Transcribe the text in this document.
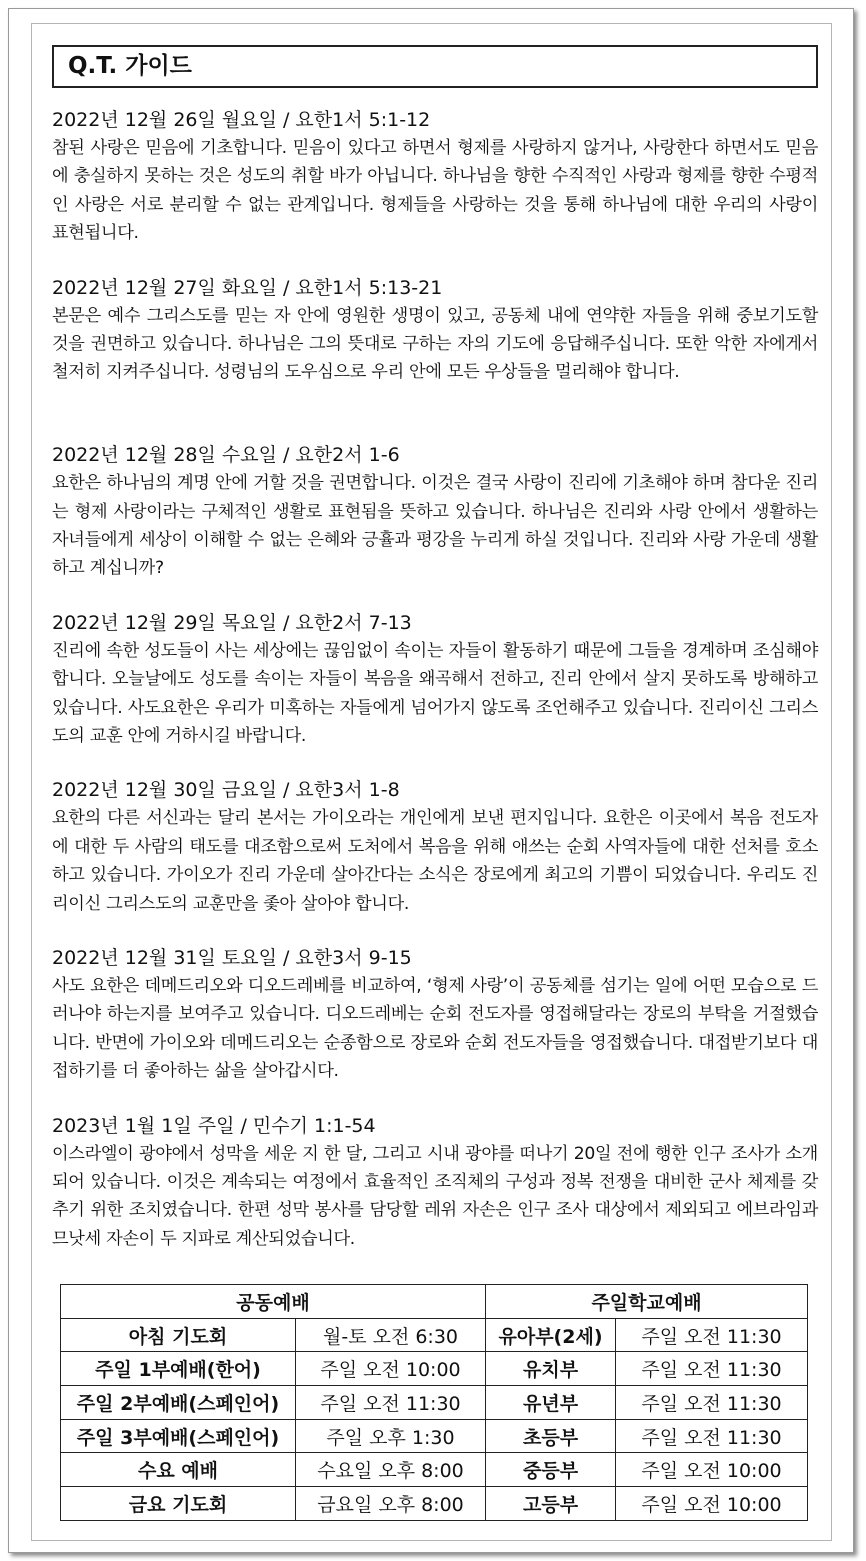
Q.T. 가이드
2022년 12월 26일 월요일 / 요한1서 5:1-12
참된 사랑은 믿음에 기초합니다. 믿음이 있다고 하면서 형제를 사랑하지 않거나, 사랑한다 하면서도 믿음에 충실하지 못하는 것은 성도의 취할 바가 아닙니다. 하나님을 향한 수직적인 사랑과 형제를 향한 수평적인 사랑은 서로 분리할 수 없는 관계입니다. 형제들을 사랑하는 것을 통해 하나님에 대한 우리의 사랑이 표현됩니다.
2022년 12월 27일 화요일 / 요한1서 5:13-21
본문은 예수 그리스도를 믿는 자 안에 영원한 생명이 있고, 공동체 내에 연약한 자들을 위해 중보기도할 것을 권면하고 있습니다. 하나님은 그의 뜻대로 구하는 자의 기도에 응답해주십니다. 또한 악한 자에게서 철저히 지켜주십니다. 성령님의 도우심으로 우리 안에 모든 우상들을 멀리해야 합니다.
2022년 12월 28일 수요일 / 요한2서 1-6
요한은 하나님의 계명 안에 거할 것을 권면합니다. 이것은 결국 사랑이 진리에 기초해야 하며 참다운 진리는 형제 사랑이라는 구체적인 생활로 표현됨을 뜻하고 있습니다. 하나님은 진리와 사랑 안에서 생활하는 자녀들에게 세상이 이해할 수 없는 은혜와 긍휼과 평강을 누리게 하실 것입니다. 진리와 사랑 가운데 생활하고 계십니까?
2022년 12월 29일 목요일 / 요한2서 7-13
진리에 속한 성도들이 사는 세상에는 끊임없이 속이는 자들이 활동하기 때문에 그들을 경계하며 조심해야 합니다. 오늘날에도 성도를 속이는 자들이 복음을 왜곡해서 전하고, 진리 안에서 살지 못하도록 방해하고 있습니다. 사도요한은 우리가 미혹하는 자들에게 넘어가지 않도록 조언해주고 있습니다. 진리이신 그리스도의 교훈 안에 거하시길 바랍니다.
2022년 12월 30일 금요일 / 요한3서 1-8
요한의 다른 서신과는 달리 본서는 가이오라는 개인에게 보낸 편지입니다. 요한은 이곳에서 복음 전도자에 대한 두 사람의 태도를 대조함으로써 도처에서 복음을 위해 애쓰는 순회 사역자들에 대한 선처를 호소하고 있습니다. 가이오가 진리 가운데 살아간다는 소식은 장로에게 최고의 기쁨이 되었습니다. 우리도 진리이신 그리스도의 교훈만을 좇아 살아야 합니다.
2022년 12월 31일 토요일 / 요한3서 9-15
사도 요한은 데메드리오와 디오드레베를 비교하여, ‘형제 사랑’이 공동체를 섬기는 일에 어떤 모습으로 드러나야 하는지를 보여주고 있습니다. 디오드레베는 순회 전도자를 영접해달라는 장로의 부탁을 거절했습니다. 반면에 가이오와 데메드리오는 순종함으로 장로와 순회 전도자들을 영접했습니다. 대접받기보다 대접하기를 더 좋아하는 삶을 살아갑시다.
2023년 1월 1일 주일 / 민수기 1:1-54
이스라엘이 광야에서 성막을 세운 지 한 달, 그리고 시내 광야를 떠나기 20일 전에 행한 인구 조사가 소개되어 있습니다. 이것은 계속되는 여정에서 효율적인 조직체의 구성과 정복 전쟁을 대비한 군사 체제를 갖추기 위한 조치였습니다. 한편 성막 봉사를 담당할 레위 자손은 인구 조사 대상에서 제외되고 에브라임과 므낫세 자손이 두 지파로 계산되었습니다.
공동예배		주일학교예배	
아침 기도회	월-토 오전 6:30	유아부(2세)	주일 오전 11:30
주일 1부예배(한어)	주일 오전 10:00	유치부	주일 오전 11:30
주일 2부예배(스페인어)	주일 오전 11:30	유년부	주일 오전 11:30
주일 3부예배(스페인어)	주일 오후 1:30	초등부	주일 오전 11:30
수요 예배	수요일 오후 8:00	중등부	주일 오전 10:00
금요 기도회	금요일 오후 8:00	고등부	주일 오전 10:00
